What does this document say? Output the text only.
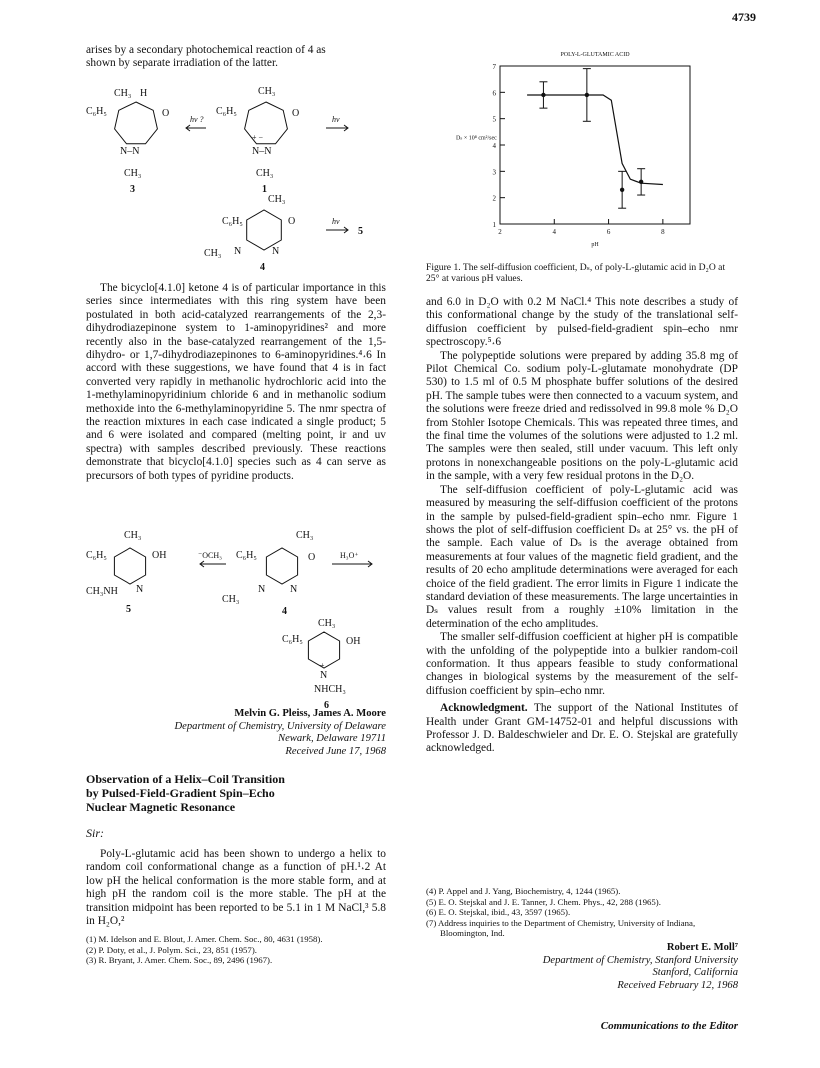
4739
arises by a secondary photochemical reaction of 4 as
shown by separate irradiation of the latter.
CH₃ H
C₆H₅	O
N–N
CH₃
3
hν ?
CH₃
C₆H₅	O
+ −
N–N
CH₃
1
hν
CH₃
C₆H₅	O
CH₃ N	N
hν
5
4

The bicyclo[4.1.0] ketone 4 is of particular importance in this series since intermediates with this ring system have been postulated in both acid-catalyzed rearrangements of the 2,3-dihydrodiazepinone system to 1-aminopyridines² and more recently also in the base-catalyzed rearrangement of the 1,5-dihydro- or 1,7-dihydrodiazepinones to 6-aminopyridines.⁴˔6 In accord with these suggestions, we have found that 4 is in fact converted very rapidly in methanolic hydrochloric acid into the 1-methylaminopyridinium chloride 6 and in methanolic sodium methoxide into the 6-methylaminopyridine 5. The nmr spectra of the reaction mixtures in each case indicated a single product; 5 and 6 were isolated and compared (melting point, ir and uv spectra) with samples described previously. These reactions demonstrate that bicyclo[4.1.0] species such as 4 can serve as precursors of both types of pyridine products.

CH₃
C₆H₅	OH
CH₃NH N
5
⁻OCH₃
CH₃
C₆H₅	O
CH₃
N N
4
H₃O⁺
CH₃
C₆H₅	OH
+
N
NHCH₃
6
Melvin G. Pleiss, James A. Moore
Department of Chemistry, University of Delaware
Newark, Delaware 19711
Received June 17, 1968
Observation of a Helix–Coil Transition
by Pulsed-Field-Gradient Spin–Echo
Nuclear Magnetic Resonance
Sir:

Poly-L-glutamic acid has been shown to undergo a helix to random coil conformational change as a function of pH.¹˔2 At low pH the helical conformation is the more stable form, and at high pH the random coil is the more stable. The pH at the transition midpoint has been reported to be 5.1 in 1 M NaCl,³ 5.8 in H₂O,²

(1) M. Idelson and E. Blout, J. Amer. Chem. Soc., 80, 4631 (1958).
(2) P. Doty, et al., J. Polym. Sci., 23, 851 (1957).
(3) R. Bryant, J. Amer. Chem. Soc., 89, 2496 (1967).
POLY-L-GLUTAMIC ACID
1
2
3
4
5
6
7
2	4	6	8
pH
Dₛ × 10⁸ cm²/sec
Figure 1. The self-diffusion coefficient, Dₛ, of poly-L-glutamic acid in D₂O at 25° at various pH values.

and 6.0 in D₂O with 0.2 M NaCl.⁴ This note describes a study of this conformational change by the study of the translational self-diffusion coefficient by pulsed-field-gradient spin–echo nmr spectroscopy.⁵˔6

The polypeptide solutions were prepared by adding 35.8 mg of Pilot Chemical Co. sodium poly-L-glutamate monohydrate (DP 530) to 1.5 ml of 0.5 M phosphate buffer solutions of the desired pH. The sample tubes were then connected to a vacuum system, and the solutions were freeze dried and redissolved in 99.8 mole % D₂O from Stohler Isotope Chemicals. This was repeated three times, and the final time the volumes of the solutions were adjusted to 1.2 ml. The samples were then sealed, still under vacuum. This left only protons in nonexchangeable positions on the poly-L-glutamic acid in the sample, with a very few residual protons in the D₂O.

The self-diffusion coefficient of poly-L-glutamic acid was measured by measuring the self-diffusion coefficient of the protons in the sample by pulsed-field-gradient spin–echo nmr. Figure 1 shows the plot of self-diffusion coefficient Dₛ at 25° vs. the pH of the sample. Each value of Dₛ is the average obtained from measurements at four values of the magnetic field gradient, and the results of 20 echo amplitude determinations were averaged for each choice of the field gradient. The error limits in Figure 1 indicate the standard deviation of these measurements. The large uncertainties in Dₛ values result from a roughly ±10% limitation in the determination of the echo amplitudes.

The smaller self-diffusion coefficient at higher pH is compatible with the unfolding of the polypeptide into a bulkier random-coil conformation. It thus appears feasible to study conformational changes in biological systems by the measurement of the self-diffusion coefficient by spin–echo nmr.

Acknowledgment. The support of the National Institutes of Health under Grant GM-14752-01 and helpful discussions with Professor J. D. Baldeschwieler and Dr. E. O. Stejskal are gratefully acknowledged.

(4) P. Appel and J. Yang, Biochemistry, 4, 1244 (1965).
(5) E. O. Stejskal and J. E. Tanner, J. Chem. Phys., 42, 288 (1965).
(6) E. O. Stejskal, ibid., 43, 3597 (1965).
(7) Address inquiries to the Department of Chemistry, University of Indiana, Bloomington, Ind.
Robert E. Moll⁷
Department of Chemistry, Stanford University
Stanford, California
Received February 12, 1968
Communications to the Editor
